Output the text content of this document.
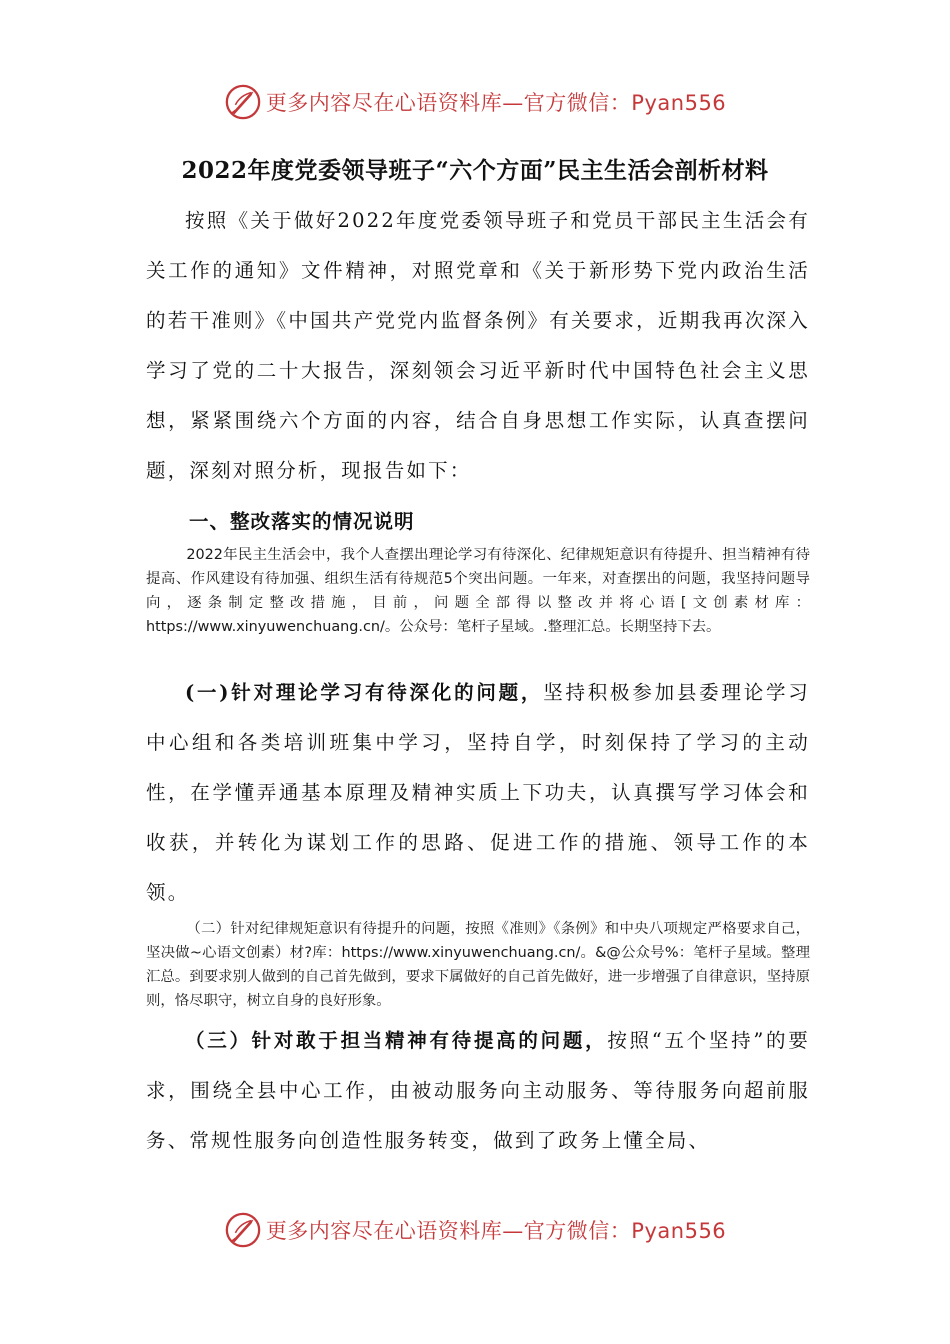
更多内容尽在心语资料库—官方微信：Pyan556
2022年度党委领导班子“六个方面”民主生活会剖析材料

按照《关于做好2022年度党委领导班子和党员干部民主生活会有关工作的通知》文件精神，对照党章和《关于新形势下党内政治生活的若干准则》《中国共产党党内监督条例》有关要求，近期我再次深入学习了党的二十大报告，深刻领会习近平新时代中国特色社会主义思想，紧紧围绕六个方面的内容，结合自身思想工作实际，认真查摆问题，深刻对照分析，现报告如下：

一、整改落实的情况说明

2022年民主生活会中，我个人查摆出理论学习有待深化、纪律规矩意识有待提升、担当精神有待提高、作风建设有待加强、组织生活有待规范5个突出问题。一年来，对查摆出的问题，我坚持问题导向，逐条制定整改措施，目前，问题全部得以整改并将心语[文创素材库：https://www.xinyuwenchuang.cn/。公众号：笔杆子星域。.整理汇总。长期坚持下去。

(一)针对理论学习有待深化的问题，坚持积极参加县委理论学习中心组和各类培训班集中学习，坚持自学，时刻保持了学习的主动性，在学懂弄通基本原理及精神实质上下功夫，认真撰写学习体会和收获，并转化为谋划工作的思路、促进工作的措施、领导工作的本领。

（二）针对纪律规矩意识有待提升的问题，按照《准则》《条例》和中央八项规定严格要求自己，坚决做~心语文创素）材?库：https://www.xinyuwenchuang.cn/。&@公众号%：笔杆子星域。整理汇总。到要求别人做到的自己首先做到，要求下属做好的自己首先做好，进一步增强了自律意识，坚持原则，恪尽职守，树立自身的良好形象。

（三）针对敢于担当精神有待提高的问题，按照“五个坚持”的要求，围绕全县中心工作，由被动服务向主动服务、等待服务向超前服务、常规性服务向创造性服务转变，做到了政务上懂全局、

更多内容尽在心语资料库—官方微信：Pyan556
